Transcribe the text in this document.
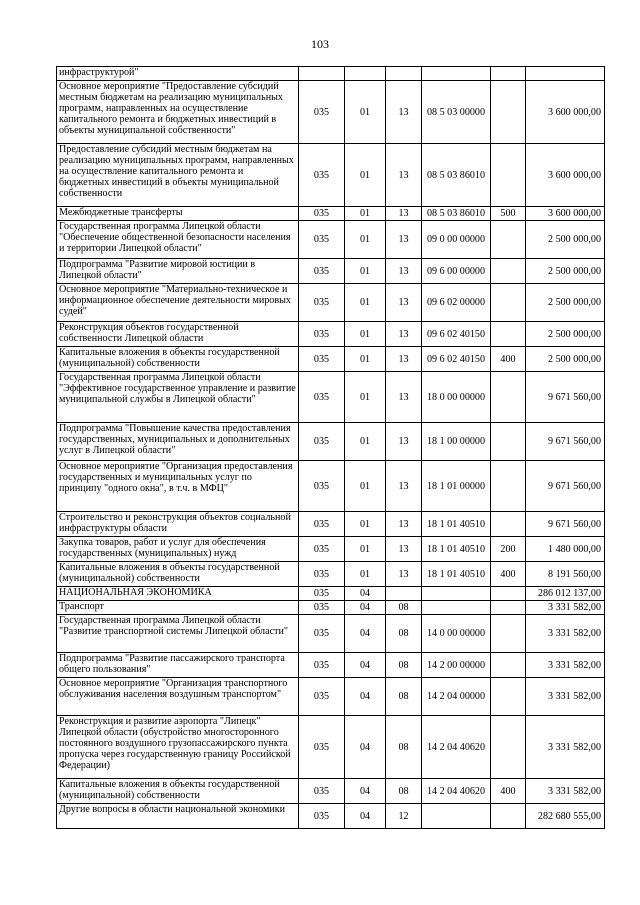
103
инфраструктурой"						
Основное мероприятие "Предоставление субсидий местным бюджетам на реализацию муниципальных программ, направленных на осуществление капитального ремонта и бюджетных инвестиций в объекты муниципальной собственности"	035	01	13	08 5 03 00000		3 600 000,00
Предоставление субсидий местным бюджетам на реализацию муниципальных программ, направленных на осуществление капитального ремонта и бюджетных инвестиций в объекты муниципальной собственности	035	01	13	08 5 03 86010		3 600 000,00
Межбюджетные трансферты	035	01	13	08 5 03 86010	500	3 600 000,00
Государственная программа Липецкой области "Обеспечение общественной безопасности населения и территории Липецкой области"	035	01	13	09 0 00 00000		2 500 000,00
Подпрограмма "Развитие мировой юстиции в Липецкой области"	035	01	13	09 6 00 00000		2 500 000,00
Основное мероприятие "Материально-техническое и информационное обеспечение деятельности мировых судей"	035	01	13	09 6 02 00000		2 500 000,00
Реконструкция объектов государственной собственности Липецкой области	035	01	13	09 6 02 40150		2 500 000,00
Капитальные вложения в объекты государственной (муниципальной) собственности	035	01	13	09 6 02 40150	400	2 500 000,00
Государственная программа Липецкой области "Эффективное государственное управление и развитие муниципальной службы в Липецкой области"	035	01	13	18 0 00 00000		9 671 560,00
Подпрограмма "Повышение качества предоставления государственных, муниципальных и дополнительных услуг в Липецкой области"	035	01	13	18 1 00 00000		9 671 560,00
Основное мероприятие "Организация предоставления государственных и муниципальных услуг по принципу "одного окна", в т.ч. в МФЦ"	035	01	13	18 1 01 00000		9 671 560,00
Строительство и реконструкция объектов социальной инфраструктуры области	035	01	13	18 1 01 40510		9 671 560,00
Закупка товаров, работ и услуг для обеспечения государственных (муниципальных) нужд	035	01	13	18 1 01 40510	200	1 480 000,00
Капитальные вложения в объекты государственной (муниципальной) собственности	035	01	13	18 1 01 40510	400	8 191 560,00
НАЦИОНАЛЬНАЯ ЭКОНОМИКА	035	04				286 012 137,00
Транспорт	035	04	08			3 331 582,00
Государственная программа Липецкой области "Развитие транспортной системы Липецкой области"	035	04	08	14 0 00 00000		3 331 582,00
Подпрограмма "Развитие пассажирского транспорта общего пользования"	035	04	08	14 2 00 00000		3 331 582,00
Основное мероприятие "Организация транспортного обслуживания населения воздушным транспортом"	035	04	08	14 2 04 00000		3 331 582,00
Реконструкция и развитие аэропорта "Липецк" Липецкой области (обустройство многосторонного постоянного воздушного грузопассажирского пункта пропуска через государственную границу Российской Федерации)	035	04	08	14 2 04 40620		3 331 582,00
Капитальные вложения в объекты государственной (муниципальной) собственности	035	04	08	14 2 04 40620	400	3 331 582,00
Другие вопросы в области национальной экономики	035	04	12			282 680 555,00
